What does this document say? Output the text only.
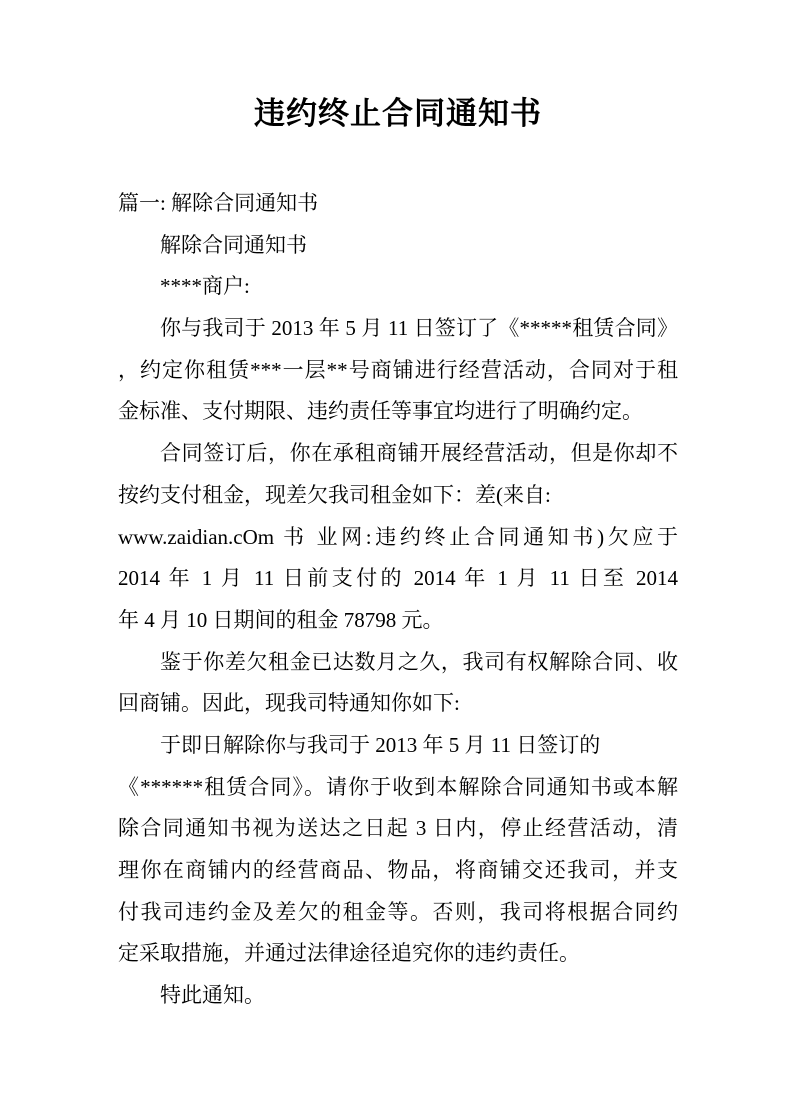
违约终止合同通知书
篇一: 解除合同通知书
解除合同通知书
****商户:
你与我司于 2013 年 5 月 11 日签订了《*****租赁合同》
，约定你租赁***一层**号商铺进行经营活动，合同对于租
金标准、支付期限、违约责任等事宜均进行了明确约定。
合同签订后，你在承租商铺开展经营活动，但是你却不
按约支付租金，现差欠我司租金如下：差(来自:
www.zaidian.cOm 书 业网:违约终止合同通知书)欠应于
2014 年 1 月 11 日前支付的 2014 年 1 月 11 日至 2014
年 4 月 10 日期间的租金 78798 元。
鉴于你差欠租金已达数月之久，我司有权解除合同、收
回商铺。因此，现我司特通知你如下:
于即日解除你与我司于 2013 年 5 月 11 日签订的
《******租赁合同》。请你于收到本解除合同通知书或本解
除合同通知书视为送达之日起 3 日内，停止经营活动，清
理你在商铺内的经营商品、物品，将商铺交还我司，并支
付我司违约金及差欠的租金等。否则，我司将根据合同约
定采取措施，并通过法律途径追究你的违约责任。
特此通知。
